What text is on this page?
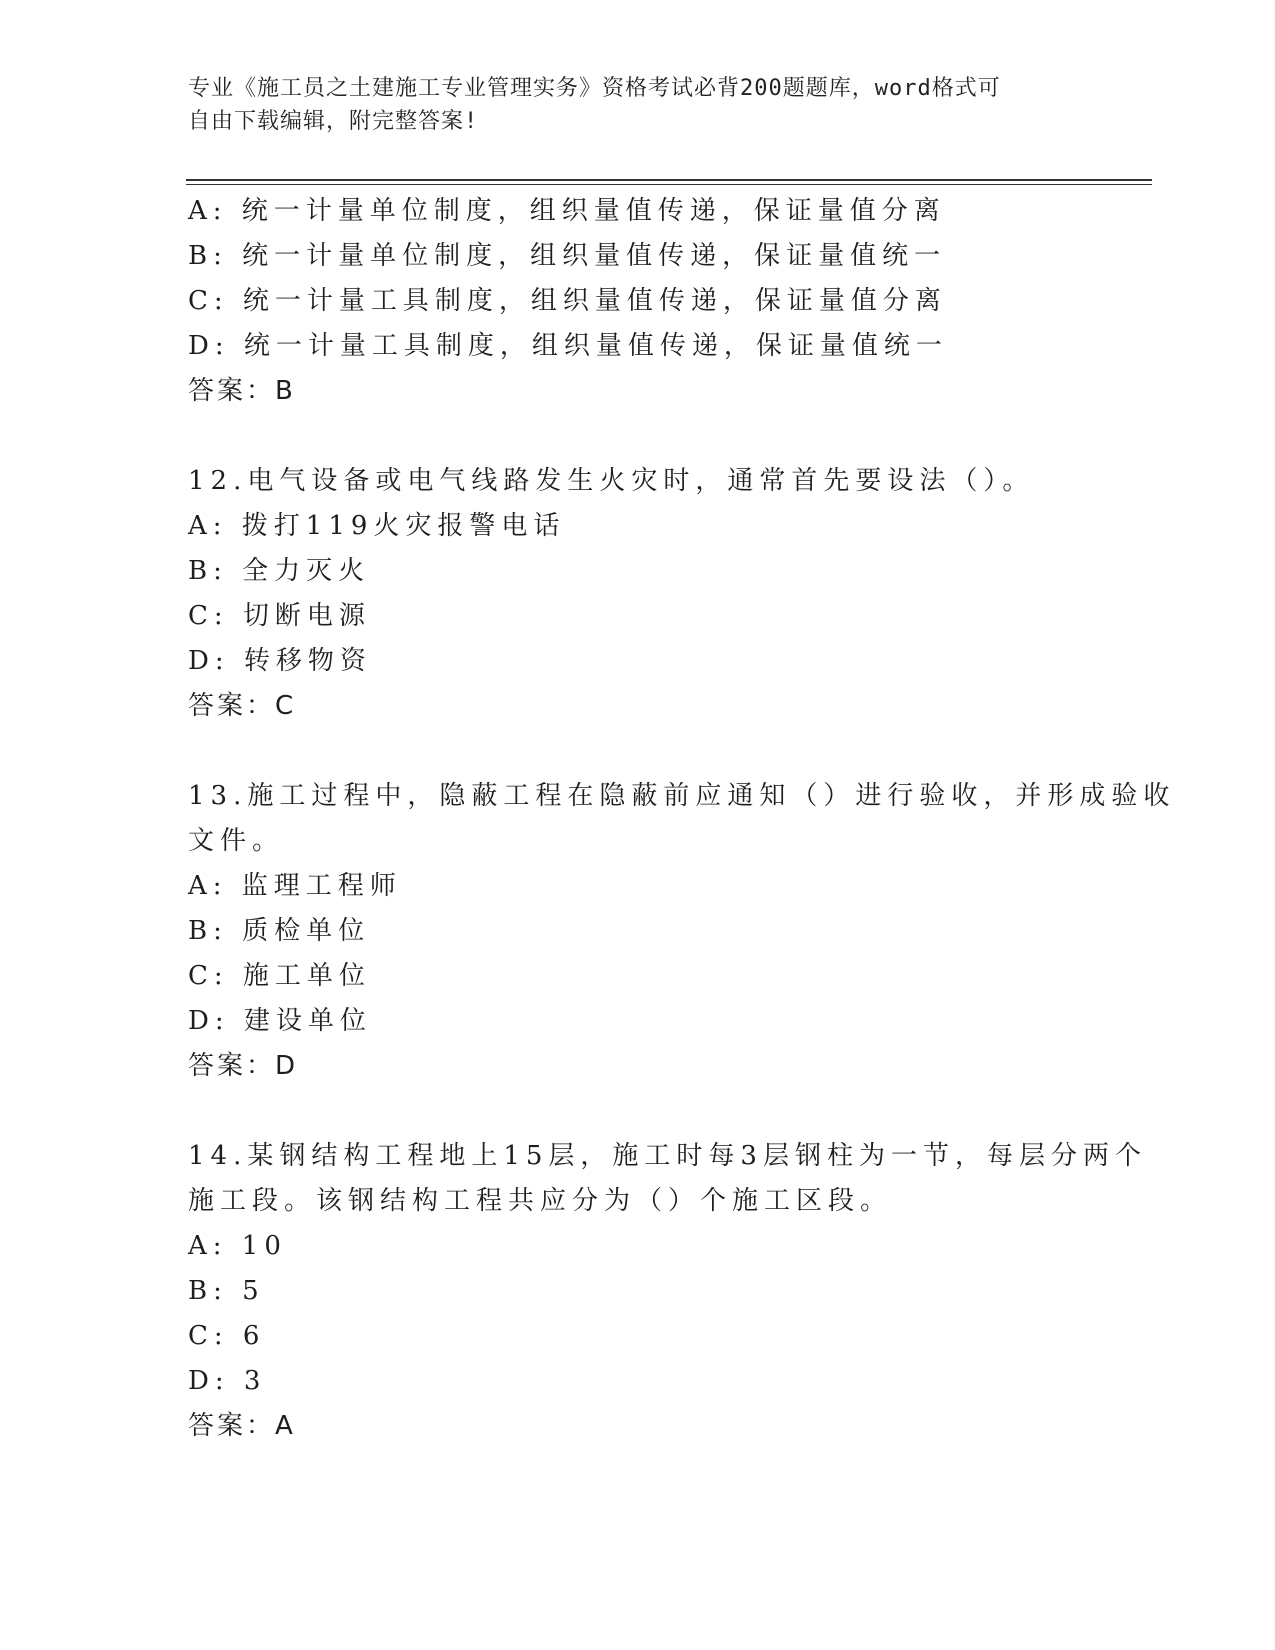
专业《施工员之土建施工专业管理实务》资格考试必背200题题库，word格式可
自由下载编辑，附完整答案!
A: 统一计量单位制度，组织量值传递，保证量值分离
B: 统一计量单位制度，组织量值传递，保证量值统一
C: 统一计量工具制度，组织量值传递，保证量值分离
D: 统一计量工具制度，组织量值传递，保证量值统一
答案：B
12.电气设备或电气线路发生火灾时，通常首先要设法（）。
A: 拨打119火灾报警电话
B: 全力灭火
C: 切断电源
D: 转移物资
答案：C
13.施工过程中，隐蔽工程在隐蔽前应通知（）进行验收，并形成验收
文件。
A: 监理工程师
B: 质检单位
C: 施工单位
D: 建设单位
答案：D
14.某钢结构工程地上15层，施工时每3层钢柱为一节，每层分两个
施工段。该钢结构工程共应分为（）个施工区段。
A: 10
B: 5
C: 6
D: 3
答案：A
